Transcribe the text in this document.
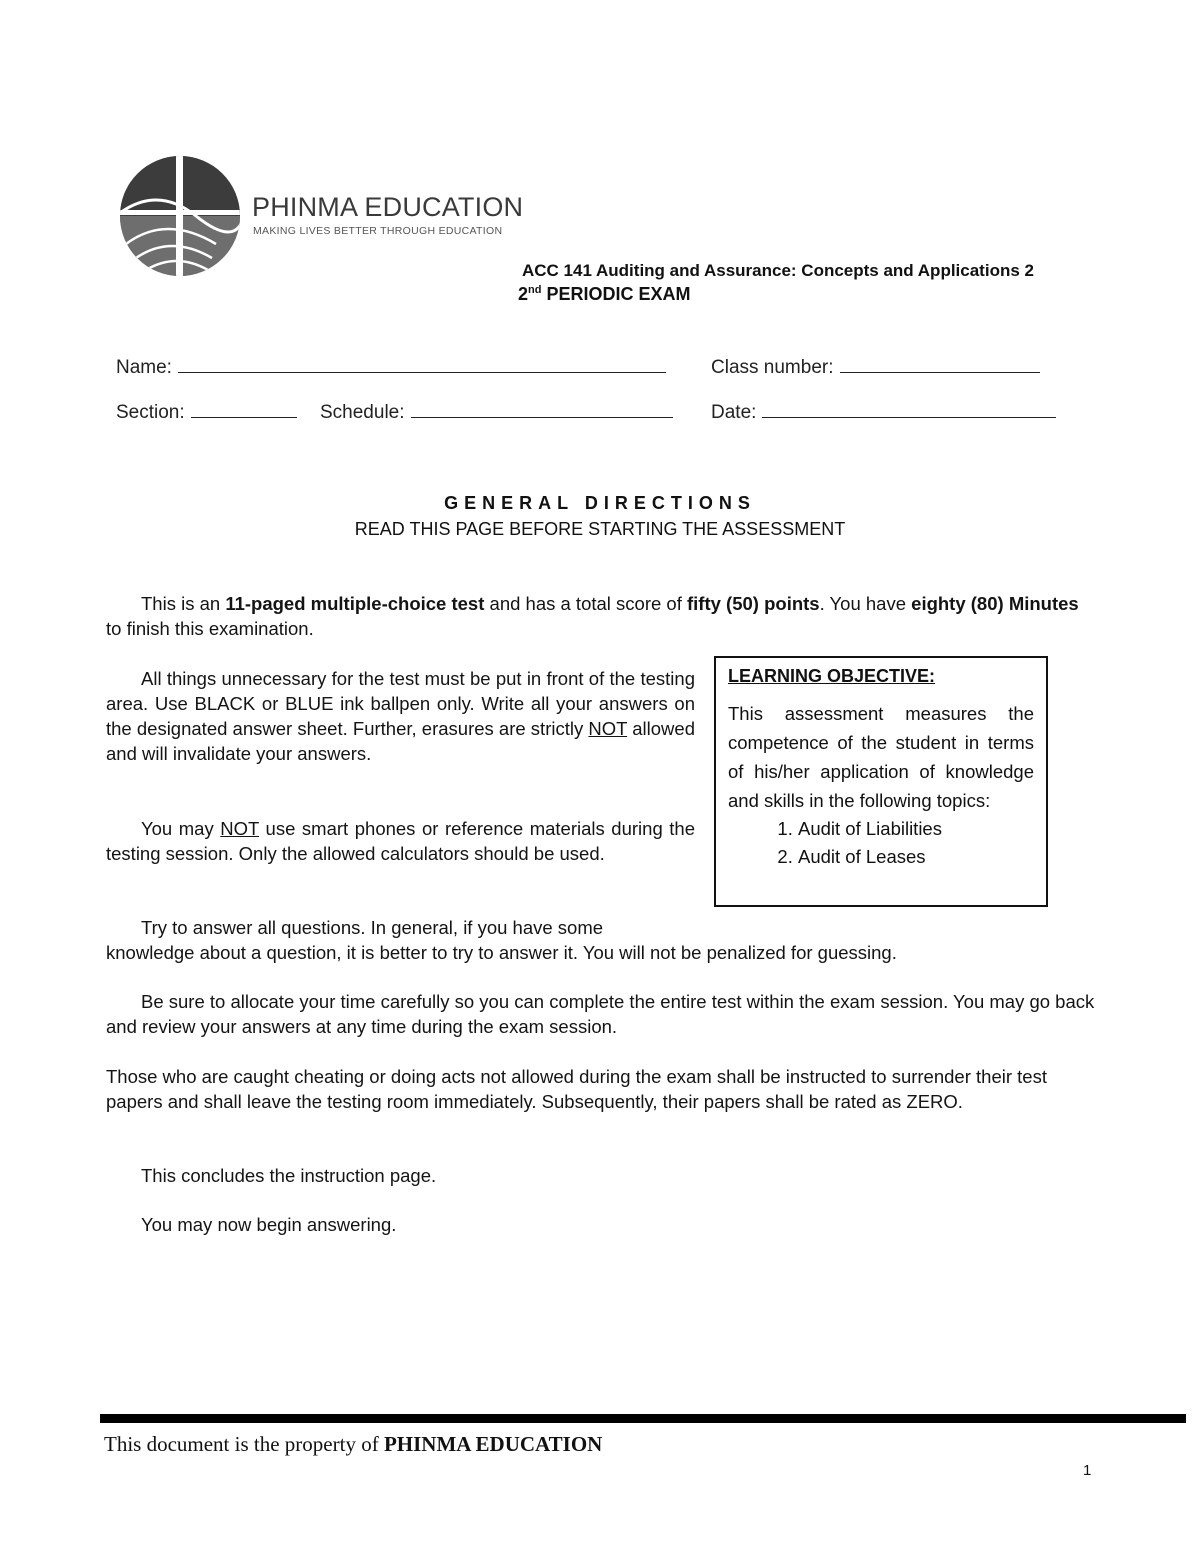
PHINMA EDUCATION
MAKING LIVES BETTER THROUGH EDUCATION
ACC 141 Auditing and Assurance: Concepts and Applications 2
2nd PERIODIC EXAM
Name:	Class number:
Section:	Schedule:	Date:
GENERAL DIRECTIONS
READ THIS PAGE BEFORE STARTING THE ASSESSMENT
This is an 11-paged multiple-choice test and has a total score of fifty (50) points. You have eighty (80) Minutes to finish this examination.
All things unnecessary for the test must be put in front of the testing area. Use BLACK or BLUE ink ballpen only. Write all your answers on the designated answer sheet. Further, erasures are strictly NOT allowed and will invalidate your answers.
You may NOT use smart phones or reference materials during the testing session. Only the allowed calculators should be used.
Try to answer all questions. In general, if you have some
knowledge about a question, it is better to try to answer it. You will not be penalized for guessing.
Be sure to allocate your time carefully so you can complete the entire test within the exam session. You may go back and review your answers at any time during the exam session.
Those who are caught cheating or doing acts not allowed during the exam shall be instructed to surrender their test papers and shall leave the testing room immediately. Subsequently, their papers shall be rated as ZERO.
This concludes the instruction page.
You may now begin answering.
LEARNING OBJECTIVE:
This assessment measures the competence of the student in terms of his/her application of knowledge and skills in the following topics:
1. Audit of Liabilities
2. Audit of Leases
This document is the property of PHINMA EDUCATION
1
